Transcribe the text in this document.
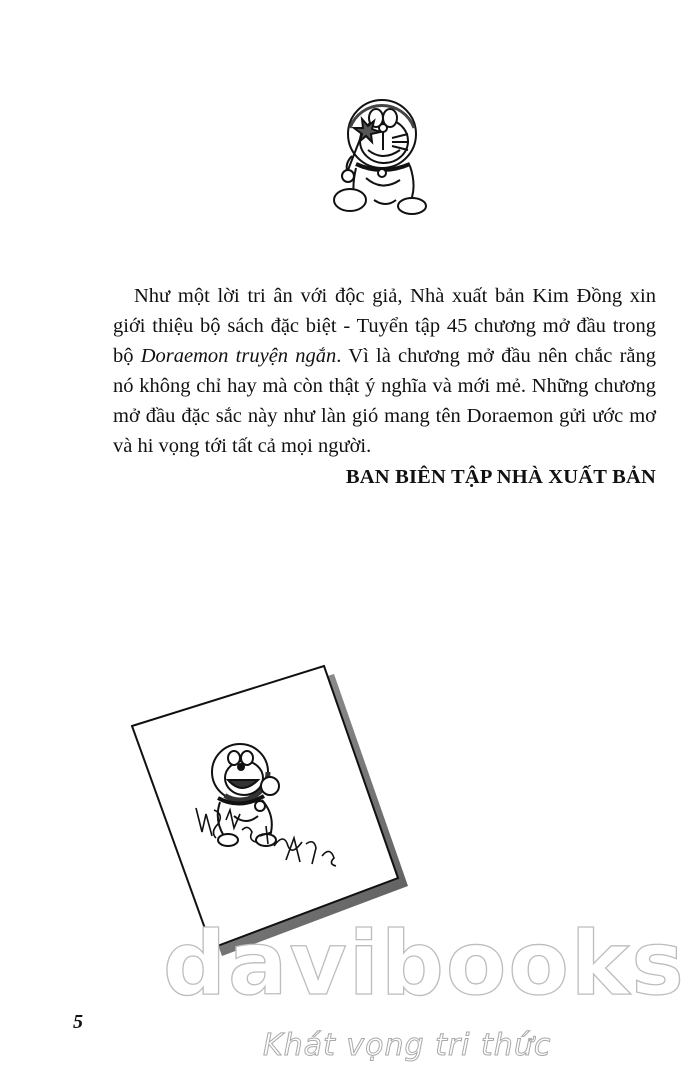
Như một lời tri ân với độc giả, Nhà xuất bản Kim Đồng xin giới thiệu bộ sách đặc biệt - Tuyển tập 45 chương mở đầu trong bộ Doraemon truyện ngắn. Vì là chương mở đầu nên chắc rằng nó không chỉ hay mà còn thật ý nghĩa và mới mẻ. Những chương mở đầu đặc sắc này như làn gió mang tên Doraemon gửi ước mơ và hi vọng tới tất cả mọi người.

BAN BIÊN TẬP NHÀ XUẤT BẢN
5
davibooks
Khát vọng tri thức
